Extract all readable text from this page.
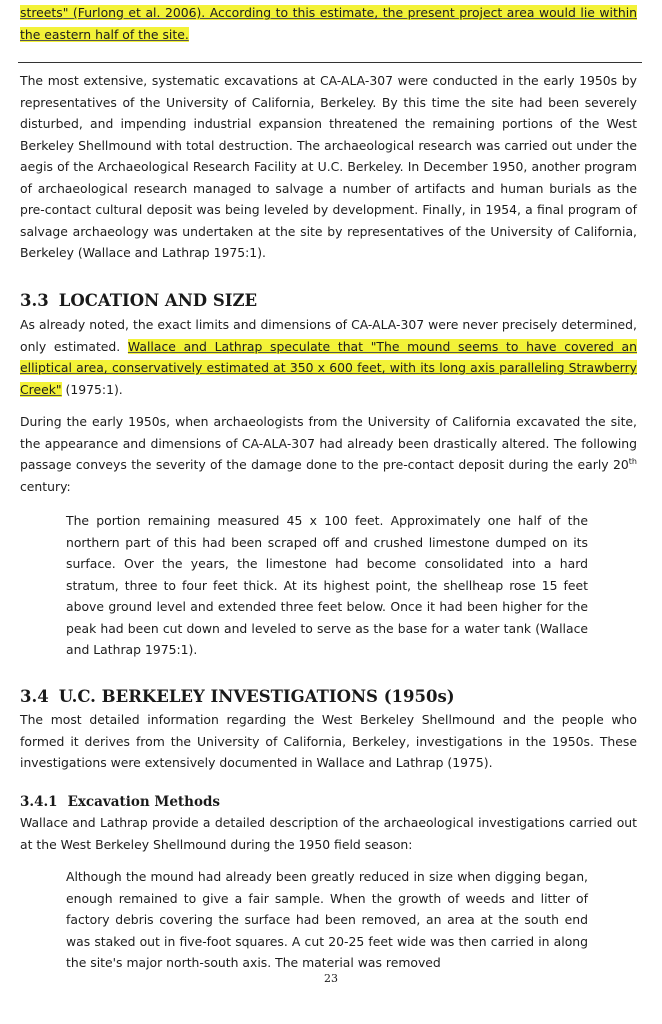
streets" (Furlong et al. 2006). According to this estimate, the present project area would lie within the eastern half of the site.

The most extensive, systematic excavations at CA-ALA-307 were conducted in the early 1950s by representatives of the University of California, Berkeley. By this time the site had been severely disturbed, and impending industrial expansion threatened the remaining portions of the West Berkeley Shellmound with total destruction. The archaeological research was carried out under the aegis of the Archaeological Research Facility at U.C. Berkeley. In December 1950, another program of archaeological research managed to salvage a number of artifacts and human burials as the pre-contact cultural deposit was being leveled by development. Finally, in 1954, a final program of salvage archaeology was undertaken at the site by representatives of the University of California, Berkeley (Wallace and Lathrap 1975:1).

3.3 LOCATION AND SIZE

As already noted, the exact limits and dimensions of CA-ALA-307 were never precisely determined, only estimated. Wallace and Lathrap speculate that "The mound seems to have covered an elliptical area, conservatively estimated at 350 x 600 feet, with its long axis paralleling Strawberry Creek" (1975:1).

During the early 1950s, when archaeologists from the University of California excavated the site, the appearance and dimensions of CA-ALA-307 had already been drastically altered. The following passage conveys the severity of the damage done to the pre-contact deposit during the early 20th century:

The portion remaining measured 45 x 100 feet. Approximately one half of the northern part of this had been scraped off and crushed limestone dumped on its surface. Over the years, the limestone had become consolidated into a hard stratum, three to four feet thick. At its highest point, the shellheap rose 15 feet above ground level and extended three feet below. Once it had been higher for the peak had been cut down and leveled to serve as the base for a water tank (Wallace and Lathrap 1975:1).

3.4 U.C. BERKELEY INVESTIGATIONS (1950s)

The most detailed information regarding the West Berkeley Shellmound and the people who formed it derives from the University of California, Berkeley, investigations in the 1950s. These investigations were extensively documented in Wallace and Lathrap (1975).

3.4.1 Excavation Methods

Wallace and Lathrap provide a detailed description of the archaeological investigations carried out at the West Berkeley Shellmound during the 1950 field season:

Although the mound had already been greatly reduced in size when digging began, enough remained to give a fair sample. When the growth of weeds and litter of factory debris covering the surface had been removed, an area at the south end was staked out in five-foot squares. A cut 20-25 feet wide was then carried in along the site's major north-south axis. The material was removed

23
